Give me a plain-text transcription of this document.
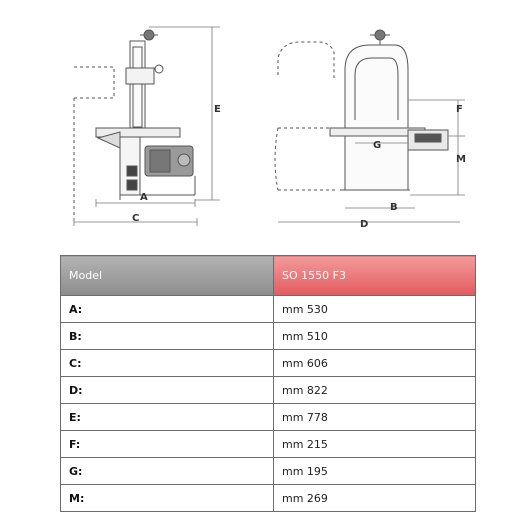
A
C
E
B
D
F
G
M
Model	SO 1550 F3
A:	mm 530
B:	mm 510
C:	mm 606
D:	mm 822
E:	mm 778
F:	mm 215
G:	mm 195
M:	mm 269
